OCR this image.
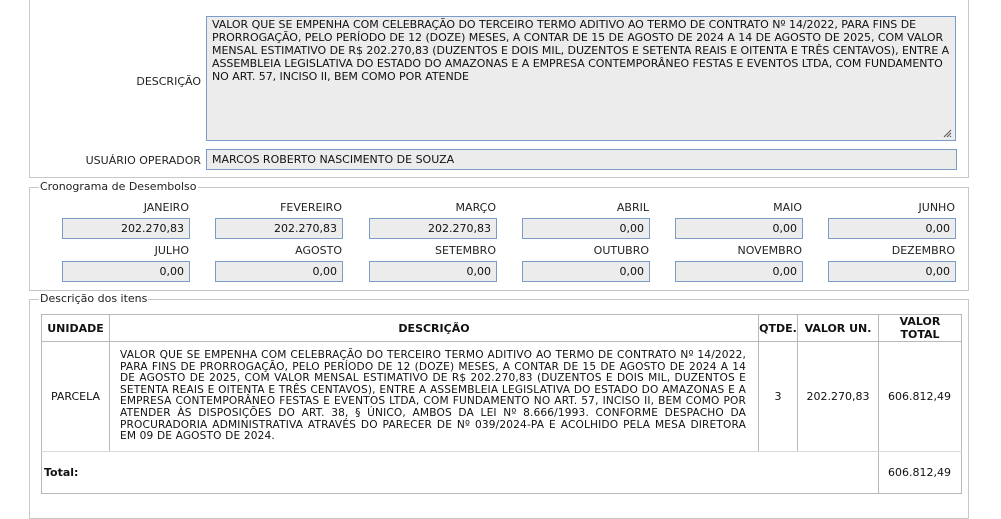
DESCRIÇÃO
VALOR QUE SE EMPENHA COM CELEBRAÇÃO DO TERCEIRO TERMO ADITIVO AO TERMO DE CONTRATO Nº 14/2022, PARA FINS DE PRORROGAÇÃO, PELO PERÍODO DE 12 (DOZE) MESES, A CONTAR DE 15 DE AGOSTO DE 2024 A 14 DE AGOSTO DE 2025, COM VALOR MENSAL ESTIMATIVO DE R$ 202.270,83 (DUZENTOS E DOIS MIL, DUZENTOS E SETENTA REAIS E OITENTA E TRÊS CENTAVOS), ENTRE A ASSEMBLEIA LEGISLATIVA DO ESTADO DO AMAZONAS E A EMPRESA CONTEMPORÂNEO FESTAS E EVENTOS LTDA, COM FUNDAMENTO NO ART. 57, INCISO II, BEM COMO POR ATENDE
USUÁRIO OPERADOR	MARCOS ROBERTO NASCIMENTO DE SOUZA
Cronograma de Desembolso
JANEIRO
202.270,83
FEVEREIRO
202.270,83
MARÇO
202.270,83
ABRIL
0,00
MAIO
0,00
JUNHO
0,00
JULHO
0,00
AGOSTO
0,00
SETEMBRO
0,00
OUTUBRO
0,00
NOVEMBRO
0,00
DEZEMBRO
0,00
Descrição dos itens
UNIDADE	DESCRIÇÃO	QTDE.	VALOR UN.	VALOR TOTAL
PARCELA	VALOR QUE SE EMPENHA COM CELEBRAÇÃO DO TERCEIRO TERMO ADITIVO AO TERMO DE CONTRATO Nº 14/2022, PARA FINS DE PRORROGAÇÃO, PELO PERÍODO DE 12 (DOZE) MESES, A CONTAR DE 15 DE AGOSTO DE 2024 A 14 DE AGOSTO DE 2025, COM VALOR MENSAL ESTIMATIVO DE R$ 202.270,83 (DUZENTOS E DOIS MIL, DUZENTOS E SETENTA REAIS E OITENTA E TRÊS CENTAVOS), ENTRE A ASSEMBLEIA LEGISLATIVA DO ESTADO DO AMAZONAS E A EMPRESA CONTEMPORÂNEO FESTAS E EVENTOS LTDA, COM FUNDAMENTO NO ART. 57, INCISO II, BEM COMO POR ATENDER ÀS DISPOSIÇÕES DO ART. 38, § ÚNICO, AMBOS DA LEI Nº 8.666/1993. CONFORME DESPACHO DA PROCURADORIA ADMINISTRATIVA ATRAVÉS DO PARECER DE Nº 039/2024-PA E ACOLHIDO PELA MESA DIRETORA EM 09 DE AGOSTO DE 2024.	3	202.270,83	606.812,49
Total:				606.812,49
